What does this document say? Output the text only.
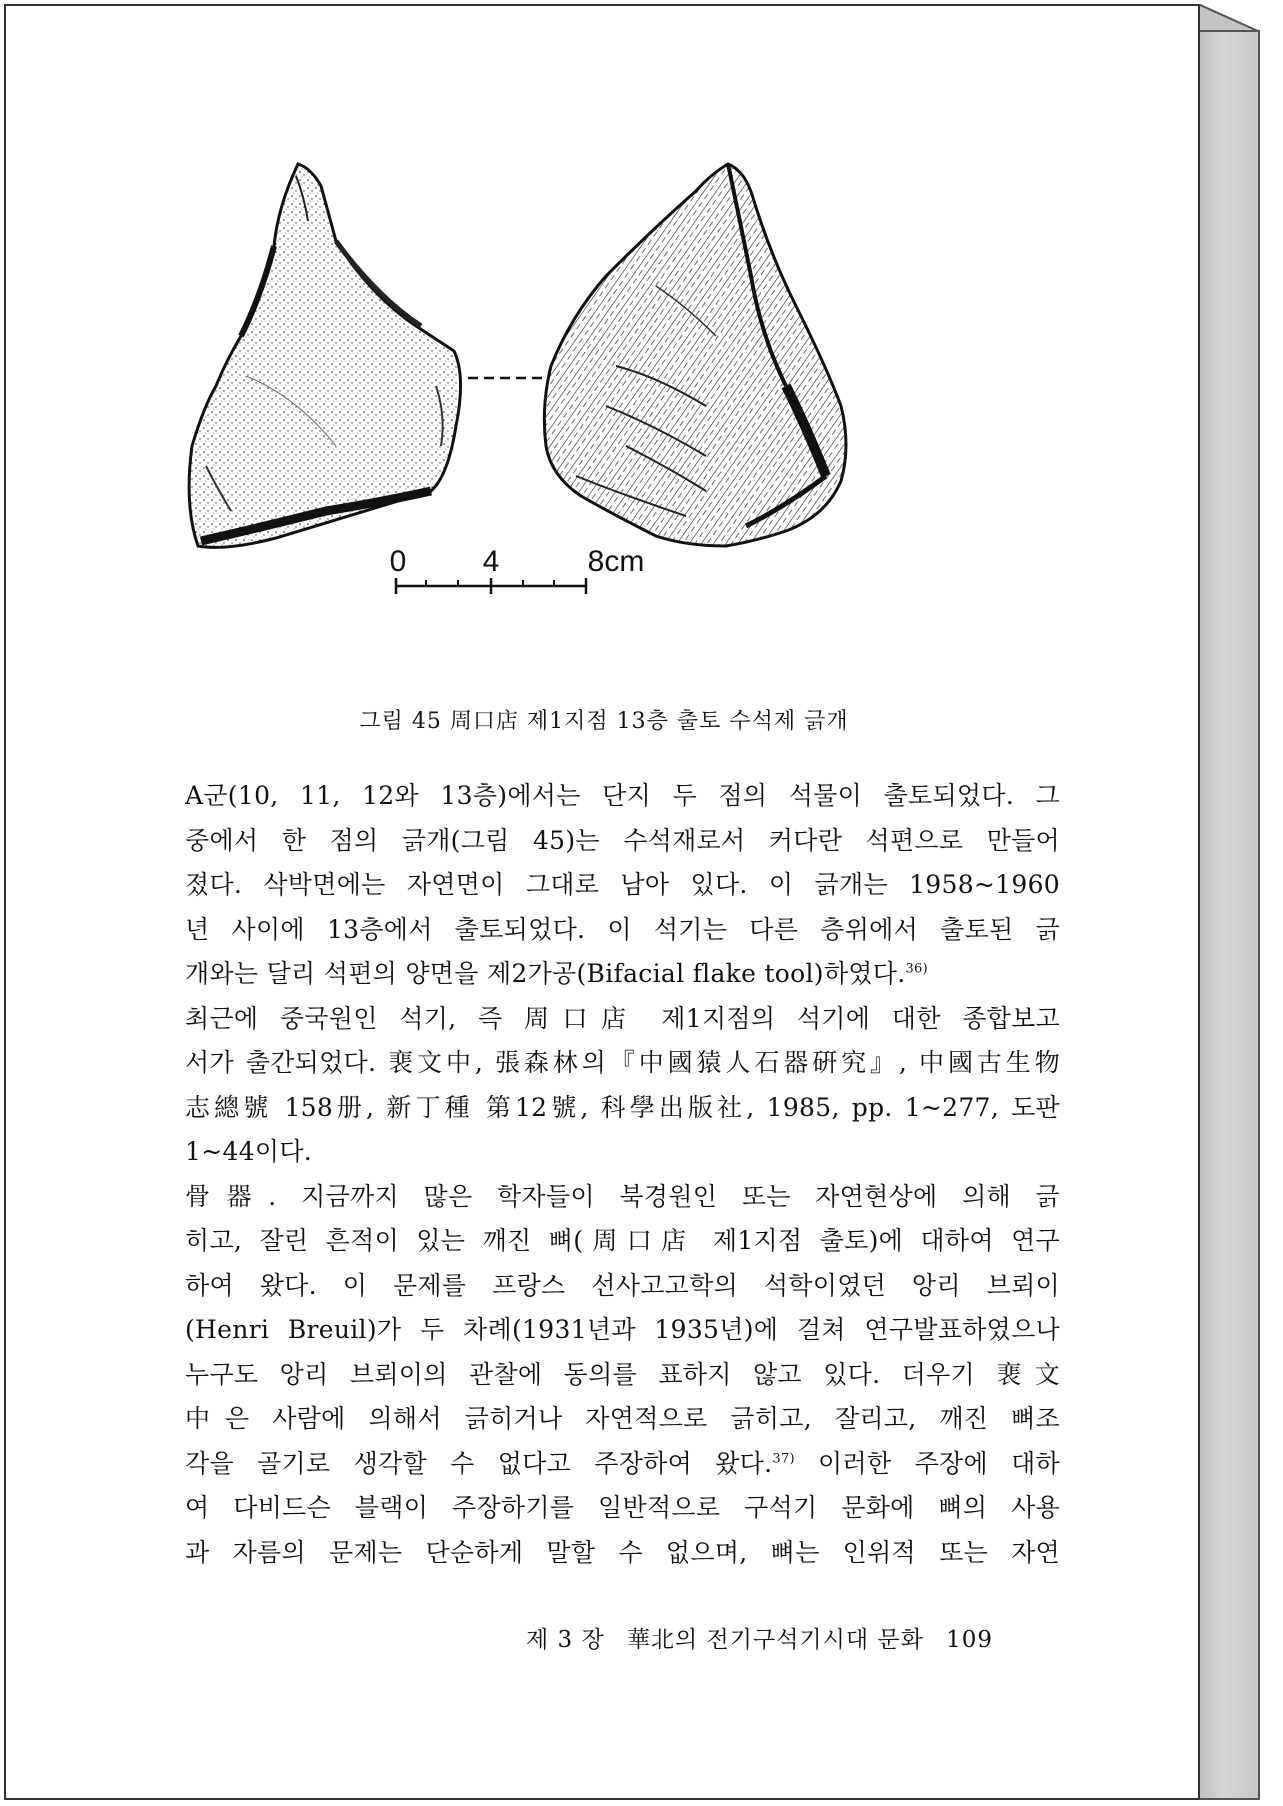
0	4	8cm
그림 45 周口店 제1지점 13층 출토 수석제 긁개

A군(10, 11, 12와 13층)에서는 단지 두 점의 석물이 출토되었다. 그
중에서 한 점의 긁개(그림 45)는 수석재로서 커다란 석편으로 만들어
졌다. 삭박면에는 자연면이 그대로 남아 있다. 이 긁개는 1958~1960
년 사이에 13층에서 출토되었다. 이 석기는 다른 층위에서 출토된 긁
개와는 달리 석편의 양면을 제2가공(Bifacial flake tool)하였다.$^{36)}$

최근에 중국원인 석기, 즉 周口店 제1지점의 석기에 대한 종합보고
서가 출간되었다. 裵文中, 張森林의『中國猿人石器硏究』, 中國古生物
志總號 158册, 新丁種 第12號, 科學出版社, 1985, pp. 1~277, 도판
1~44이다.

骨器. 지금까지 많은 학자들이 북경원인 또는 자연현상에 의해 긁
히고, 잘린 흔적이 있는 깨진 뼈(周口店 제1지점 출토)에 대하여 연구
하여 왔다. 이 문제를 프랑스 선사고고학의 석학이였던 앙리 브뢰이
(Henri Breuil)가 두 차례(1931년과 1935년)에 걸쳐 연구발표하였으나
누구도 앙리 브뢰이의 관찰에 동의를 표하지 않고 있다. 더우기 裵文
中은 사람에 의해서 긁히거나 자연적으로 긁히고, 잘리고, 깨진 뼈조
각을 골기로 생각할 수 없다고 주장하여 왔다.$^{37)}$ 이러한 주장에 대하
여 다비드슨 블랙이 주장하기를 일반적으로 구석기 문화에 뼈의 사용
과 자름의 문제는 단순하게 말할 수 없으며, 뼈는 인위적 또는 자연

제 3 장 華北의 전기구석기시대 문화 109
